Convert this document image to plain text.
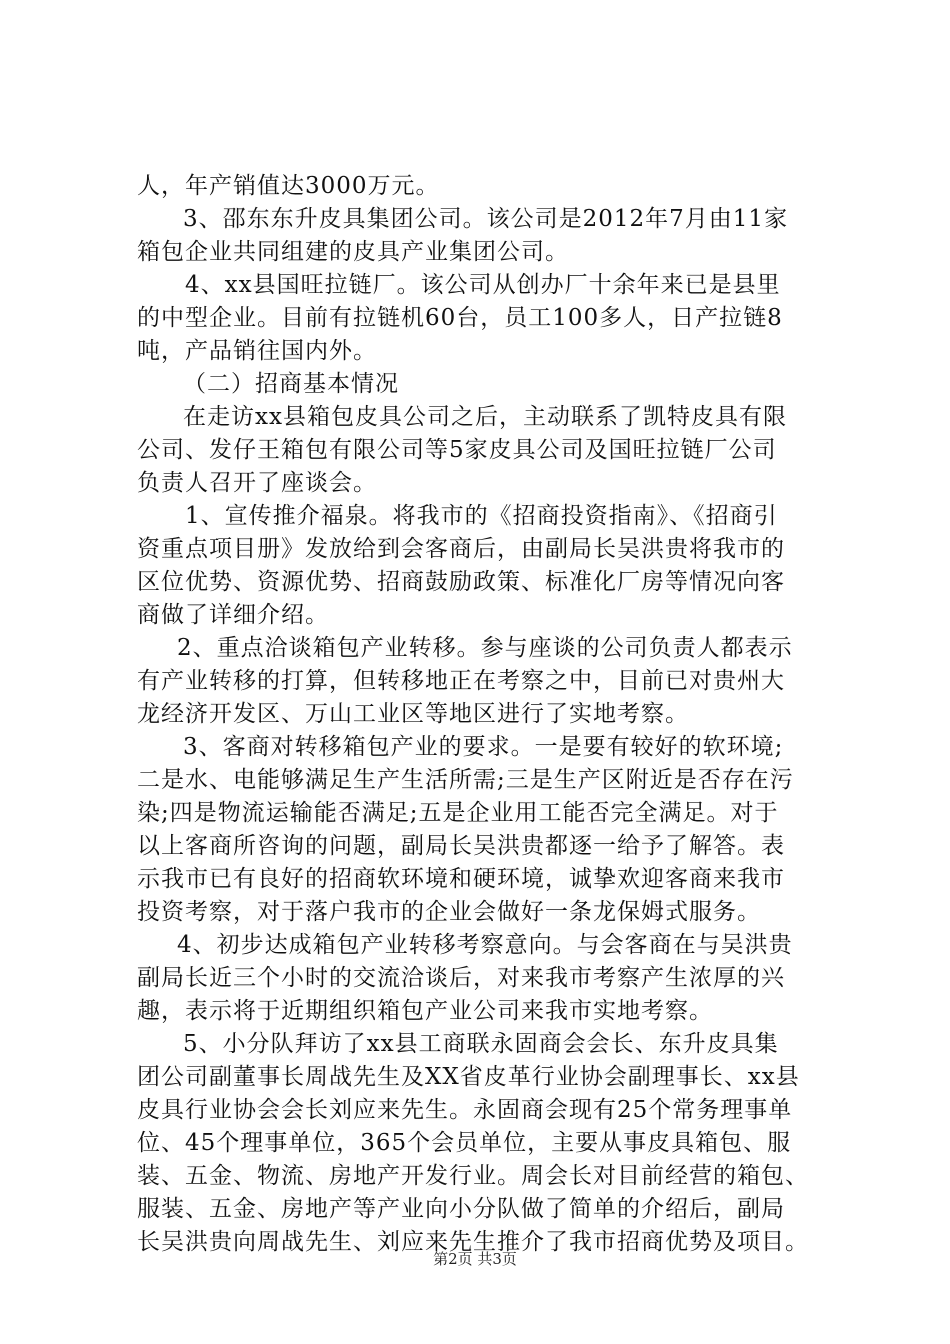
人，年产销值达3000万元。
3、邵东东升皮具集团公司。该公司是2012年7月由11家
箱包企业共同组建的皮具产业集团公司。
4、xx县国旺拉链厂。该公司从创办厂十余年来已是县里
的中型企业。目前有拉链机60台，员工100多人，日产拉链8
吨，产品销往国内外。
（二）招商基本情况
在走访xx县箱包皮具公司之后，主动联系了凯特皮具有限
公司、发仔王箱包有限公司等5家皮具公司及国旺拉链厂公司
负责人召开了座谈会。
1、宣传推介福泉。将我市的《招商投资指南》、《招商引
资重点项目册》发放给到会客商后，由副局长吴洪贵将我市的
区位优势、资源优势、招商鼓励政策、标准化厂房等情况向客
商做了详细介绍。
2、重点洽谈箱包产业转移。参与座谈的公司负责人都表示
有产业转移的打算，但转移地正在考察之中，目前已对贵州大
龙经济开发区、万山工业区等地区进行了实地考察。
3、客商对转移箱包产业的要求。一是要有较好的软环境;
二是水、电能够满足生产生活所需;三是生产区附近是否存在污
染;四是物流运输能否满足;五是企业用工能否完全满足。对于
以上客商所咨询的问题，副局长吴洪贵都逐一给予了解答。表
示我市已有良好的招商软环境和硬环境，诚挚欢迎客商来我市
投资考察，对于落户我市的企业会做好一条龙保姆式服务。
4、初步达成箱包产业转移考察意向。与会客商在与吴洪贵
副局长近三个小时的交流洽谈后，对来我市考察产生浓厚的兴
趣，表示将于近期组织箱包产业公司来我市实地考察。
5、小分队拜访了xx县工商联永固商会会长、东升皮具集
团公司副董事长周战先生及XX省皮革行业协会副理事长、xx县
皮具行业协会会长刘应来先生。永固商会现有25个常务理事单
位、45个理事单位，365个会员单位，主要从事皮具箱包、服
装、五金、物流、房地产开发行业。周会长对目前经营的箱包、
服装、五金、房地产等产业向小分队做了简单的介绍后，副局
长吴洪贵向周战先生、刘应来先生推介了我市招商优势及项目。
第2页 共3页
